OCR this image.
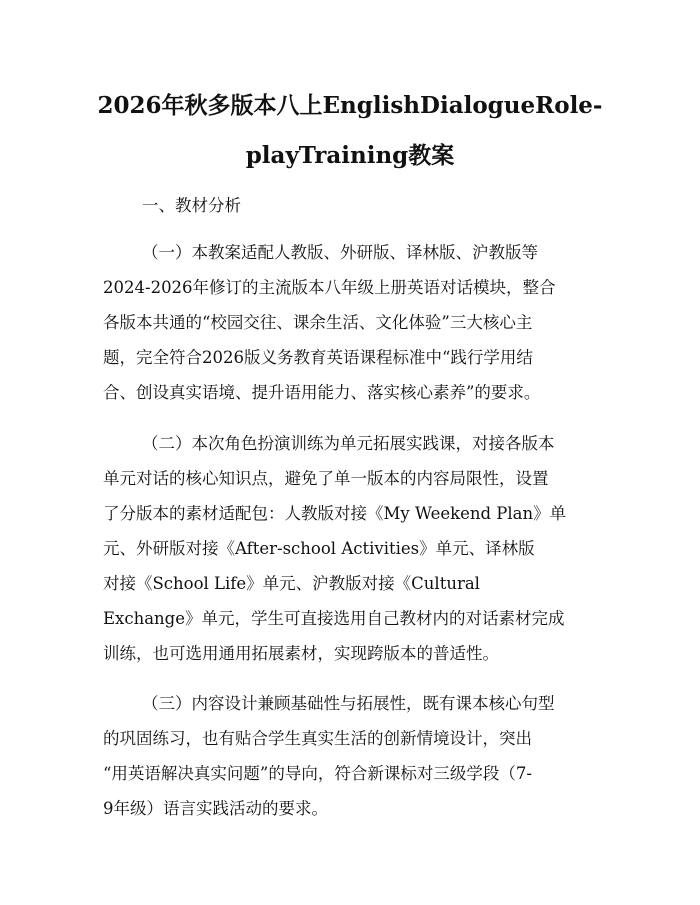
2026年秋多版本八上EnglishDialogueRole-
playTraining教案

一、教材分析

（一）本教案适配人教版、外研版、译林版、沪教版等

2024-2026年修订的主流版本八年级上册英语对话模块，整合

各版本共通的“校园交往、课余生活、文化体验”三大核心主

题，完全符合2026版义务教育英语课程标准中“践行学用结

合、创设真实语境、提升语用能力、落实核心素养”的要求。

（二）本次角色扮演训练为单元拓展实践课，对接各版本

单元对话的核心知识点，避免了单一版本的内容局限性，设置

了分版本的素材适配包：人教版对接《My Weekend Plan》单

元、外研版对接《After-school Activities》单元、译林版

对接《School Life》单元、沪教版对接《Cultural

Exchange》单元，学生可直接选用自己教材内的对话素材完成

训练，也可选用通用拓展素材，实现跨版本的普适性。

（三）内容设计兼顾基础性与拓展性，既有课本核心句型

的巩固练习，也有贴合学生真实生活的创新情境设计，突出

“用英语解决真实问题”的导向，符合新课标对三级学段（7-

9年级）语言实践活动的要求。
